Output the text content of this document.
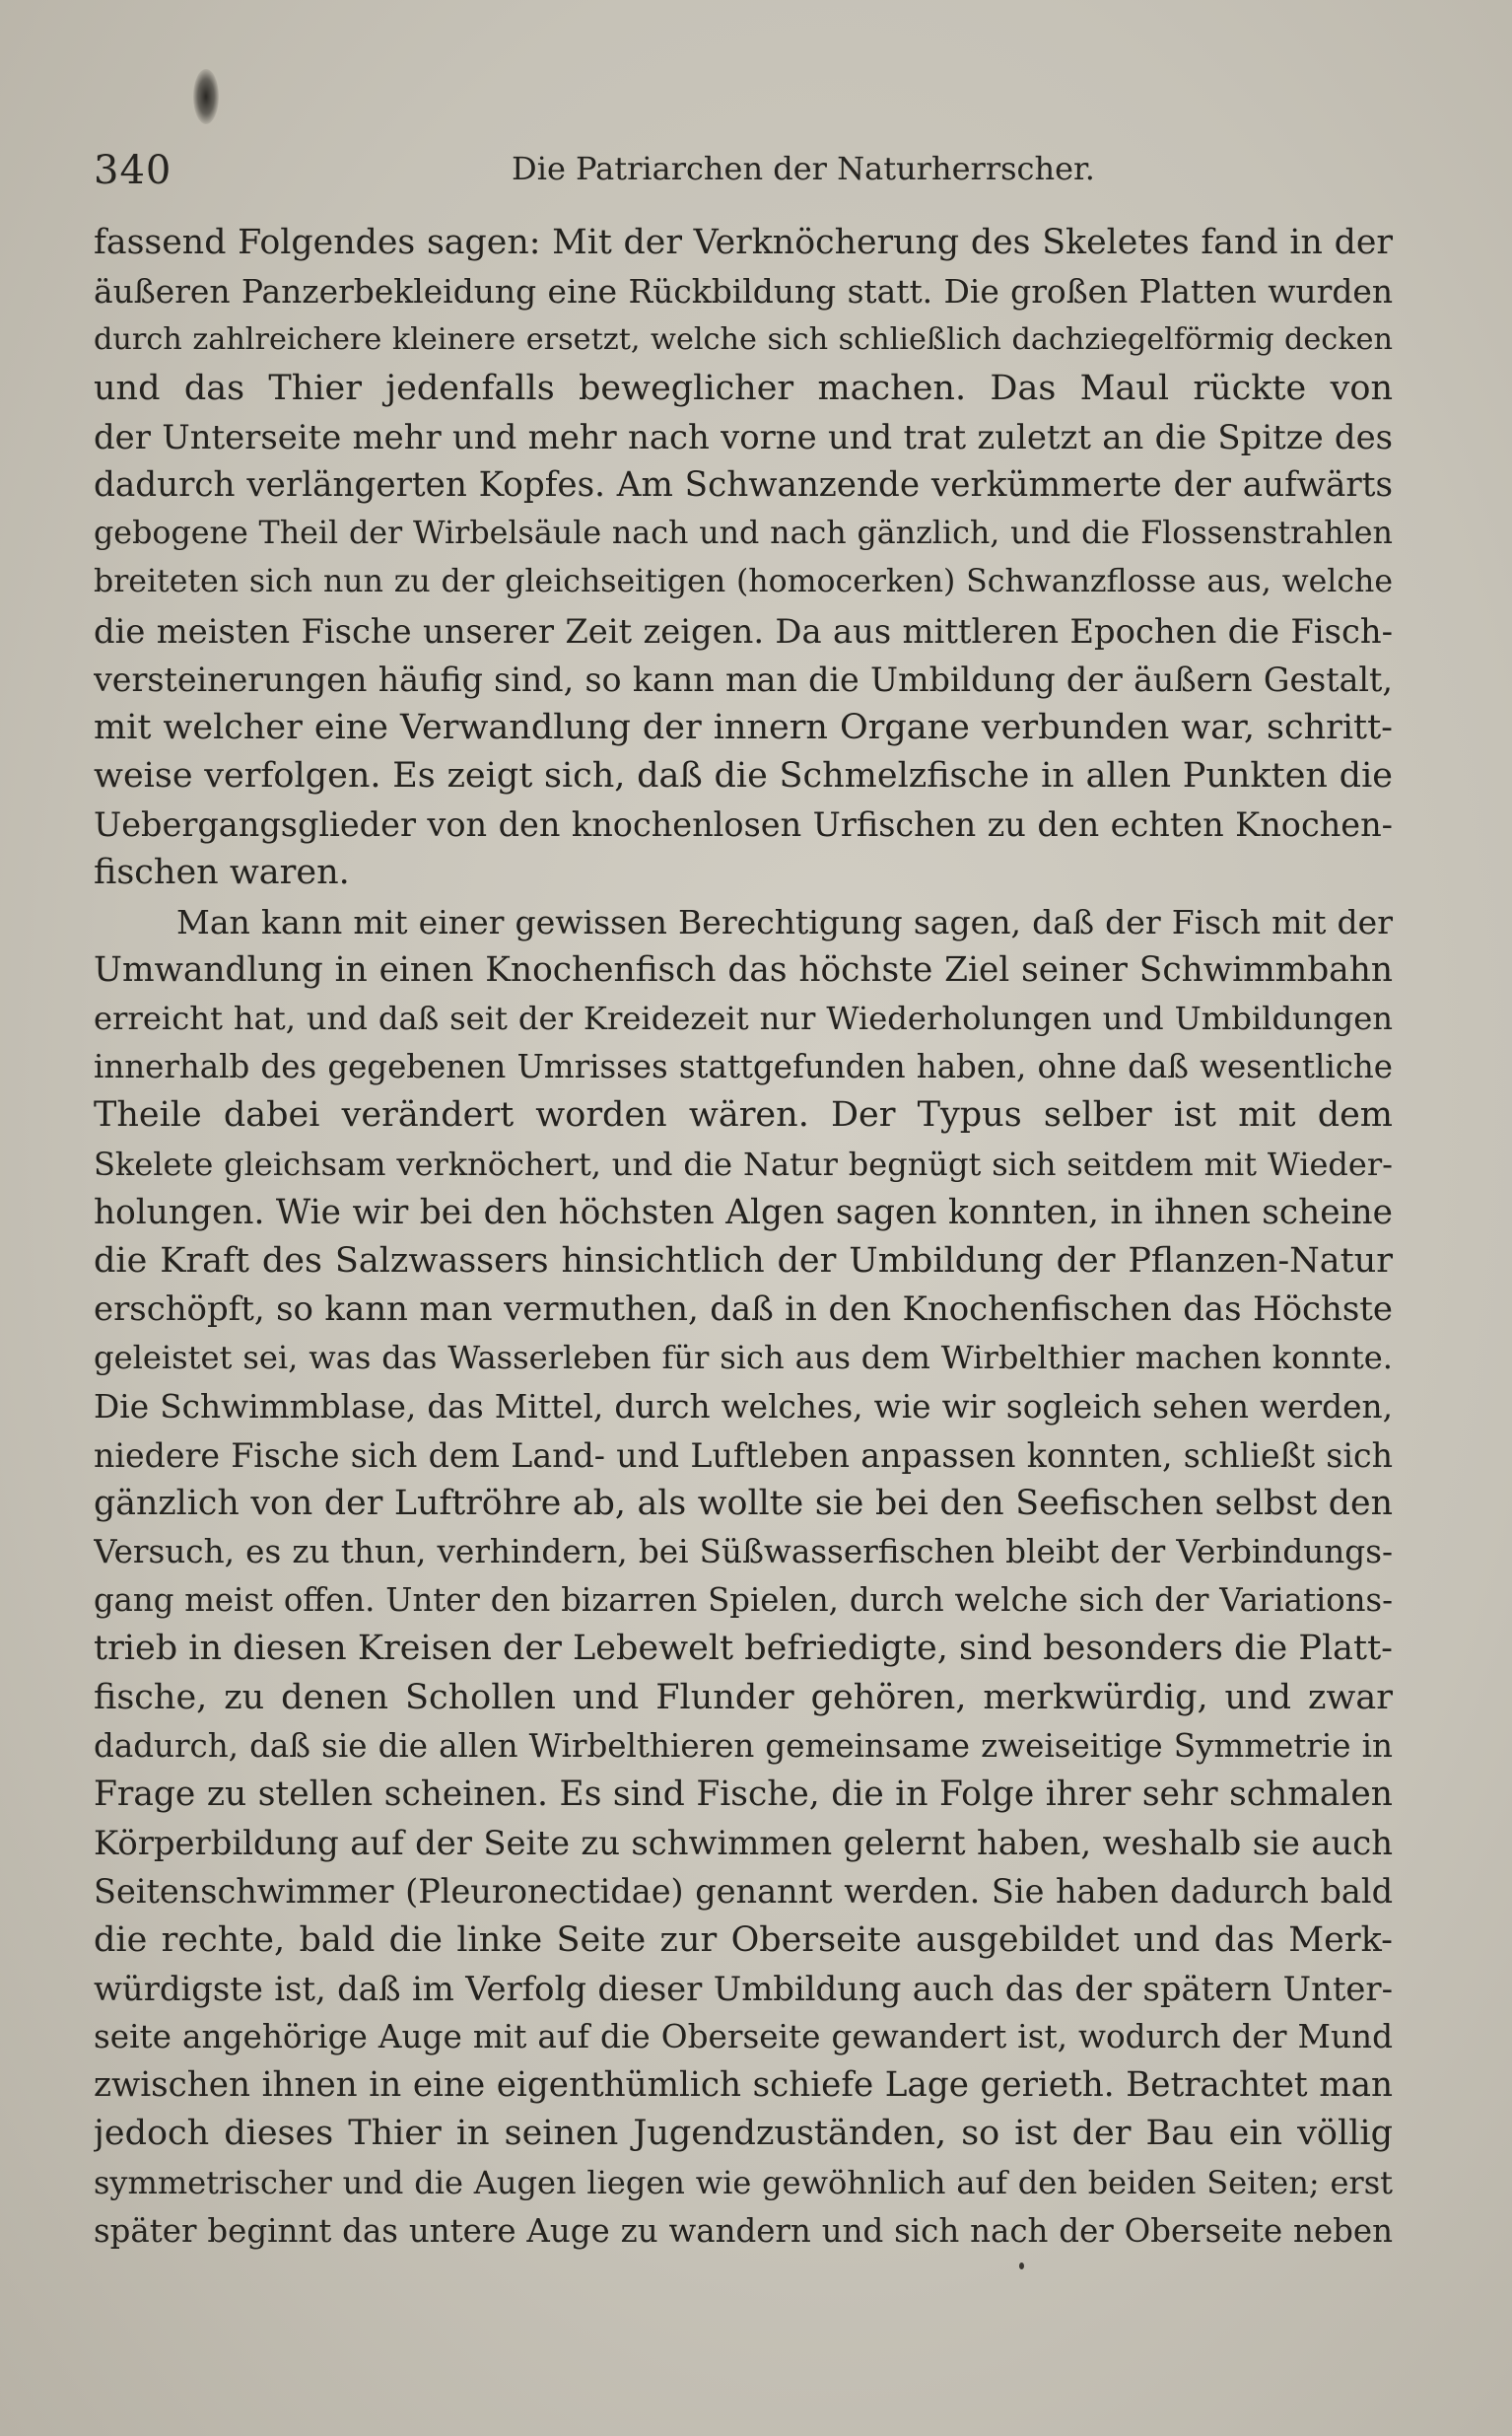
340	Die Patriarchen der Naturherrscher.
fassend Folgendes sagen: Mit der Verknöcherung des Skeletes fand in der
äußeren Panzerbekleidung eine Rückbildung statt. Die großen Platten wurden
durch zahlreichere kleinere ersetzt, welche sich schließlich dachziegelförmig decken
und das Thier jedenfalls beweglicher machen. Das Maul rückte von
der Unterseite mehr und mehr nach vorne und trat zuletzt an die Spitze des
dadurch verlängerten Kopfes. Am Schwanzende verkümmerte der aufwärts
gebogene Theil der Wirbelsäule nach und nach gänzlich, und die Flossenstrahlen
breiteten sich nun zu der gleichseitigen (homocerken) Schwanzflosse aus, welche
die meisten Fische unserer Zeit zeigen. Da aus mittleren Epochen die Fisch-
versteinerungen häufig sind, so kann man die Umbildung der äußern Gestalt,
mit welcher eine Verwandlung der innern Organe verbunden war, schritt-
weise verfolgen. Es zeigt sich, daß die Schmelzfische in allen Punkten die
Uebergangsglieder von den knochenlosen Urfischen zu den echten Knochen-
fischen waren.
Man kann mit einer gewissen Berechtigung sagen, daß der Fisch mit der
Umwandlung in einen Knochenfisch das höchste Ziel seiner Schwimmbahn
erreicht hat, und daß seit der Kreidezeit nur Wiederholungen und Umbildungen
innerhalb des gegebenen Umrisses stattgefunden haben, ohne daß wesentliche
Theile dabei verändert worden wären. Der Typus selber ist mit dem
Skelete gleichsam verknöchert, und die Natur begnügt sich seitdem mit Wieder-
holungen. Wie wir bei den höchsten Algen sagen konnten, in ihnen scheine
die Kraft des Salzwassers hinsichtlich der Umbildung der Pflanzen-Natur
erschöpft, so kann man vermuthen, daß in den Knochenfischen das Höchste
geleistet sei, was das Wasserleben für sich aus dem Wirbelthier machen konnte.
Die Schwimmblase, das Mittel, durch welches, wie wir sogleich sehen werden,
niedere Fische sich dem Land- und Luftleben anpassen konnten, schließt sich
gänzlich von der Luftröhre ab, als wollte sie bei den Seefischen selbst den
Versuch, es zu thun, verhindern, bei Süßwasserfischen bleibt der Verbindungs-
gang meist offen. Unter den bizarren Spielen, durch welche sich der Variations-
trieb in diesen Kreisen der Lebewelt befriedigte, sind besonders die Platt-
fische, zu denen Schollen und Flunder gehören, merkwürdig, und zwar
dadurch, daß sie die allen Wirbelthieren gemeinsame zweiseitige Symmetrie in
Frage zu stellen scheinen. Es sind Fische, die in Folge ihrer sehr schmalen
Körperbildung auf der Seite zu schwimmen gelernt haben, weshalb sie auch
Seitenschwimmer (Pleuronectidae) genannt werden. Sie haben dadurch bald
die rechte, bald die linke Seite zur Oberseite ausgebildet und das Merk-
würdigste ist, daß im Verfolg dieser Umbildung auch das der spätern Unter-
seite angehörige Auge mit auf die Oberseite gewandert ist, wodurch der Mund
zwischen ihnen in eine eigenthümlich schiefe Lage gerieth. Betrachtet man
jedoch dieses Thier in seinen Jugendzuständen, so ist der Bau ein völlig
symmetrischer und die Augen liegen wie gewöhnlich auf den beiden Seiten; erst
später beginnt das untere Auge zu wandern und sich nach der Oberseite neben
